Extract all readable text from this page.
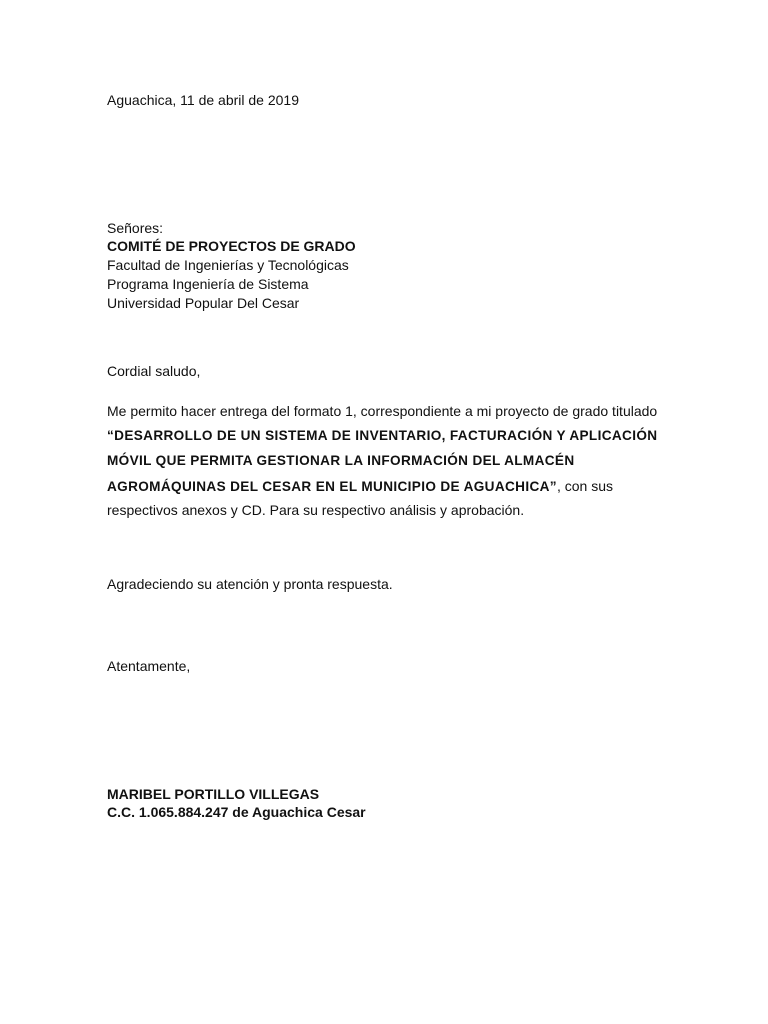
Aguachica, 11 de abril de 2019
Señores:
COMITÉ DE PROYECTOS DE GRADO
Facultad de Ingenierías y Tecnológicas
Programa Ingeniería de Sistema
Universidad Popular Del Cesar
Cordial saludo,
Me permito hacer entrega del formato 1, correspondiente a mi proyecto de grado titulado
“DESARROLLO DE UN SISTEMA DE INVENTARIO, FACTURACIÓN Y APLICACIÓN
MÓVIL QUE PERMITA GESTIONAR LA INFORMACIÓN DEL ALMACÉN
AGROMÁQUINAS DEL CESAR EN EL MUNICIPIO DE AGUACHICA”, con sus
respectivos anexos y CD. Para su respectivo análisis y aprobación.
Agradeciendo su atención y pronta respuesta.
Atentamente,
MARIBEL PORTILLO VILLEGAS
C.C. 1.065.884.247 de Aguachica Cesar
